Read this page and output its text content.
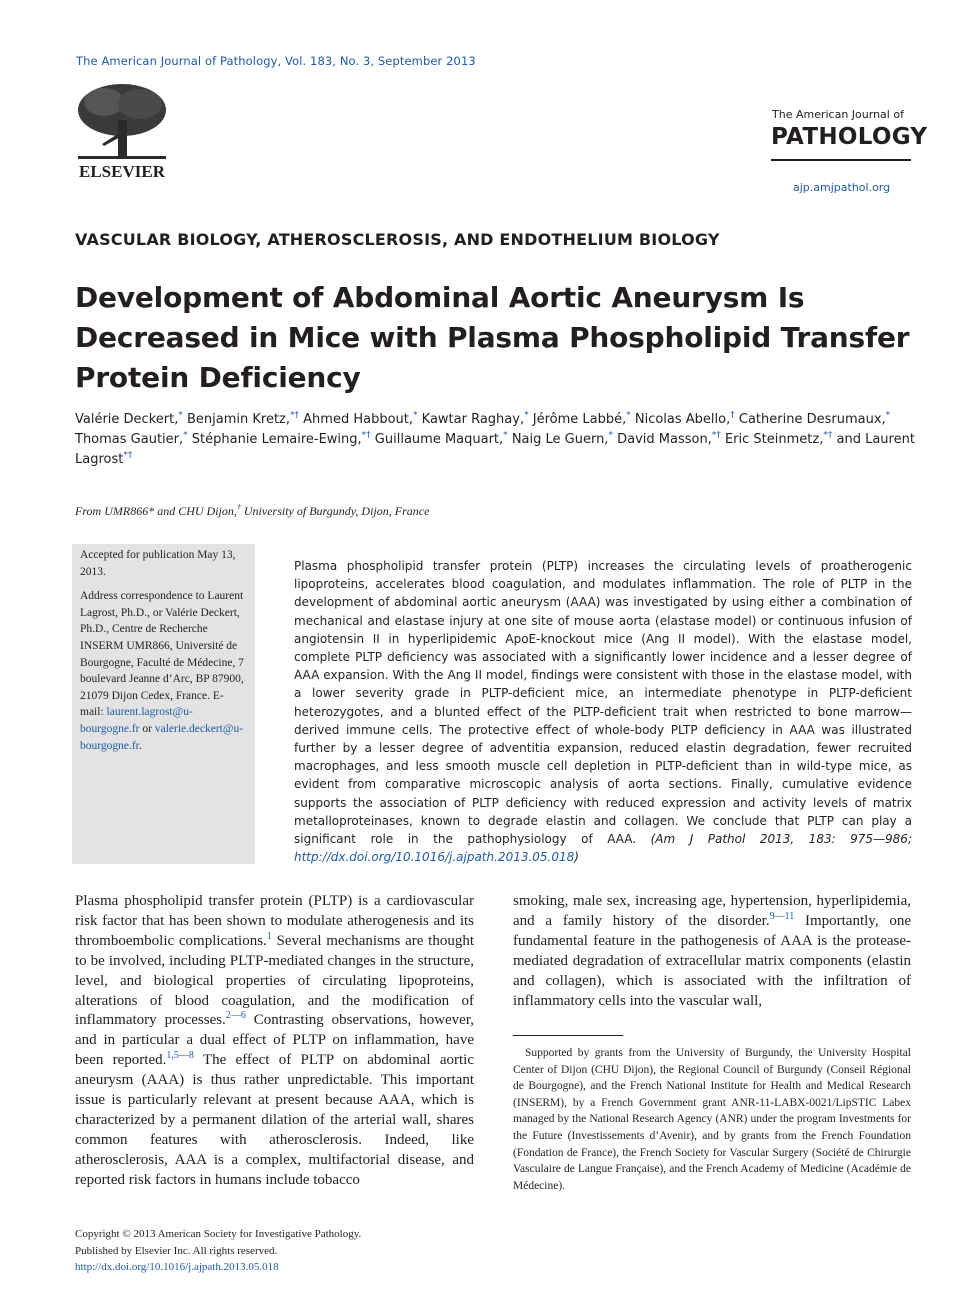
The American Journal of Pathology, Vol. 183, No. 3, September 2013
ELSEVIER
The American Journal of
PATHOLOGY
ajp.amjpathol.org
VASCULAR BIOLOGY, ATHEROSCLEROSIS, AND ENDOTHELIUM BIOLOGY
Development of Abdominal Aortic Aneurysm Is Decreased in Mice with Plasma Phospholipid Transfer Protein Deficiency
Valérie Deckert,* Benjamin Kretz,*† Ahmed Habbout,* Kawtar Raghay,* Jérôme Labbé,* Nicolas Abello,† Catherine Desrumaux,* Thomas Gautier,* Stéphanie Lemaire-Ewing,*† Guillaume Maquart,* Naig Le Guern,* David Masson,*† Eric Steinmetz,*† and Laurent Lagrost*†
From UMR866* and CHU Dijon,† University of Burgundy, Dijon, France

Accepted for publication May 13, 2013.

Address correspondence to Laurent Lagrost, Ph.D., or Valérie Deckert, Ph.D., Centre de Recherche INSERM UMR866, Université de Bourgogne, Faculté de Médecine, 7 boulevard Jeanne d’Arc, BP 87900, 21079 Dijon Cedex, France. E-mail: laurent.lagrost@u-bourgogne.fr or valerie.deckert@u-bourgogne.fr.

Plasma phospholipid transfer protein (PLTP) increases the circulating levels of proatherogenic lipoproteins, accelerates blood coagulation, and modulates inflammation. The role of PLTP in the development of abdominal aortic aneurysm (AAA) was investigated by using either a combination of mechanical and elastase injury at one site of mouse aorta (elastase model) or continuous infusion of angiotensin II in hyperlipidemic ApoE-knockout mice (Ang II model). With the elastase model, complete PLTP deficiency was associated with a significantly lower incidence and a lesser degree of AAA expansion. With the Ang II model, findings were consistent with those in the elastase model, with a lower severity grade in PLTP-deficient mice, an intermediate phenotype in PLTP-deficient heterozygotes, and a blunted effect of the PLTP-deficient trait when restricted to bone marrow—derived immune cells. The protective effect of whole-body PLTP deficiency in AAA was illustrated further by a lesser degree of adventitia expansion, reduced elastin degradation, fewer recruited macrophages, and less smooth muscle cell depletion in PLTP-deficient than in wild-type mice, as evident from comparative microscopic analysis of aorta sections. Finally, cumulative evidence supports the association of PLTP deficiency with reduced expression and activity levels of matrix metalloproteinases, known to degrade elastin and collagen. We conclude that PLTP can play a significant role in the pathophysiology of AAA. (Am J Pathol 2013, 183: 975—986; http://dx.doi.org/10.1016/j.ajpath.2013.05.018)
Plasma phospholipid transfer protein (PLTP) is a cardiovascular risk factor that has been shown to modulate atherogenesis and its thromboembolic complications.$^1$ Several mechanisms are thought to be involved, including PLTP-mediated changes in the structure, level, and biological properties of circulating lipoproteins, alterations of blood coagulation, and the modification of inflammatory processes.$^{2—6}$ Contrasting observations, however, and in particular a dual effect of PLTP on inflammation, have been reported.$^{1,5—8}$ The effect of PLTP on abdominal aortic aneurysm (AAA) is thus rather unpredictable. This important issue is particularly relevant at present because AAA, which is characterized by a permanent dilation of the arterial wall, shares common features with atherosclerosis. Indeed, like atherosclerosis, AAA is a complex, multifactorial disease, and reported risk factors in humans include tobacco
smoking, male sex, increasing age, hypertension, hyperlipidemia, and a family history of the disorder.$^{9—11}$ Importantly, one fundamental feature in the pathogenesis of AAA is the protease-mediated degradation of extracellular matrix components (elastin and collagen), which is associated with the infiltration of inflammatory cells into the vascular wall,
Supported by grants from the University of Burgundy, the University Hospital Center of Dijon (CHU Dijon), the Regional Council of Burgundy (Conseil Régional de Bourgogne), and the French National Institute for Health and Medical Research (INSERM), by a French Government grant ANR-11-LABX-0021/LipSTIC Labex managed by the National Research Agency (ANR) under the program Investments for the Future (Investissements d’Avenir), and by grants from the French Foundation (Fondation de France), the French Society for Vascular Surgery (Société de Chirurgie Vasculaire de Langue Française), and the French Academy of Medicine (Académie de Médecine).
Copyright © 2013 American Society for Investigative Pathology.
Published by Elsevier Inc. All rights reserved.
http://dx.doi.org/10.1016/j.ajpath.2013.05.018
